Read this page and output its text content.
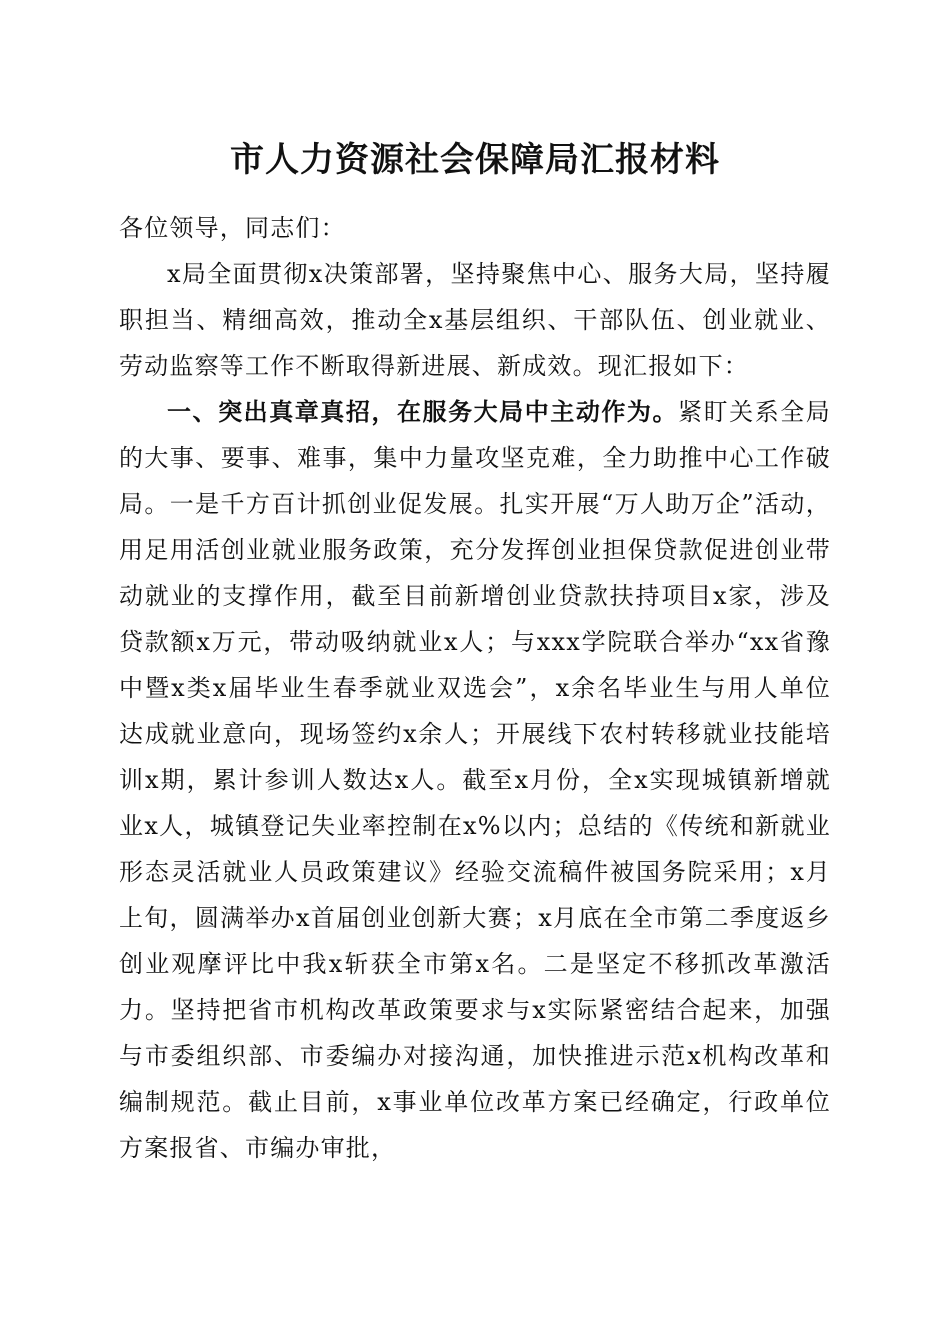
市人力资源社会保障局汇报材料

各位领导，同志们：

x局全面贯彻x决策部署，坚持聚焦中心、服务大局，坚持履职担当、精细高效，推动全x基层组织、干部队伍、创业就业、劳动监察等工作不断取得新进展、新成效。现汇报如下：

一、突出真章真招，在服务大局中主动作为。紧盯关系全局的大事、要事、难事，集中力量攻坚克难，全力助推中心工作破局。一是千方百计抓创业促发展。扎实开展“万人助万企”活动，用足用活创业就业服务政策，充分发挥创业担保贷款促进创业带动就业的支撑作用，截至目前新增创业贷款扶持项目x家，涉及贷款额x万元，带动吸纳就业x人；与xxx学院联合举办“xx省豫中暨x类x届毕业生春季就业双选会”，x余名毕业生与用人单位达成就业意向，现场签约x余人；开展线下农村转移就业技能培训x期，累计参训人数达x人。截至x月份，全x实现城镇新增就业x人，城镇登记失业率控制在x%以内；总结的《传统和新就业形态灵活就业人员政策建议》经验交流稿件被国务院采用；x月上旬，圆满举办x首届创业创新大赛；x月底在全市第二季度返乡创业观摩评比中我x斩获全市第x名。二是坚定不移抓改革激活力。坚持把省市机构改革政策要求与x实际紧密结合起来，加强与市委组织部、市委编办对接沟通，加快推进示范x机构改革和编制规范。截止目前，x事业单位改革方案已经确定，行政单位方案报省、市编办审批，
